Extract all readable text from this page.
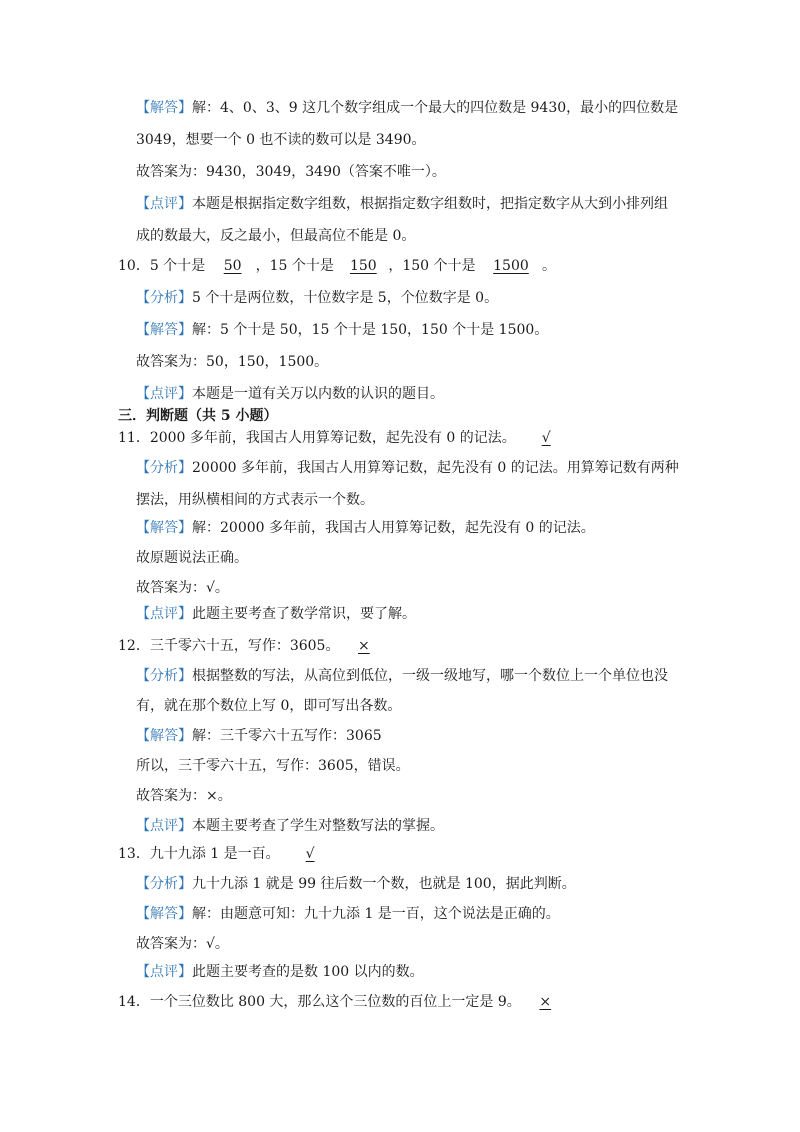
【解答】解：4、0、3、9 这几个数字组成一个最大的四位数是 9430，最小的四位数是
3049，想要一个 0 也不读的数可以是 3490。
故答案为：9430，3049，3490（答案不唯一）。
【点评】本题是根据指定数字组数，根据指定数字组数时，把指定数字从大到小排列组
成的数最大，反之最小，但最高位不能是 0。
10．5 个十是 50 ，15 个十是 150 ，150 个十是 1500 。
【分析】5 个十是两位数，十位数字是 5，个位数字是 0。
【解答】解：5 个十是 50，15 个十是 150，150 个十是 1500。
故答案为：50，150，1500。
【点评】本题是一道有关万以内数的认识的题目。
三．判断题（共 5 小题）
11．2000 多年前，我国古人用算筹记数，起先没有 0 的记法。 √
【分析】20000 多年前，我国古人用算筹记数，起先没有 0 的记法。用算筹记数有两种
摆法，用纵横相间的方式表示一个数。
【解答】解：20000 多年前，我国古人用算筹记数，起先没有 0 的记法。
故原题说法正确。
故答案为：√。
【点评】此题主要考查了数学常识，要了解。
12．三千零六十五，写作：3605。 ×
【分析】根据整数的写法，从高位到低位，一级一级地写，哪一个数位上一个单位也没
有，就在那个数位上写 0，即可写出各数。
【解答】解：三千零六十五写作：3065
所以，三千零六十五，写作：3605，错误。
故答案为：×。
【点评】本题主要考查了学生对整数写法的掌握。
13．九十九添 1 是一百。 √
【分析】九十九添 1 就是 99 往后数一个数，也就是 100，据此判断。
【解答】解：由题意可知：九十九添 1 是一百，这个说法是正确的。
故答案为：√。
【点评】此题主要考查的是数 100 以内的数。
14．一个三位数比 800 大，那么这个三位数的百位上一定是 9。 ×
